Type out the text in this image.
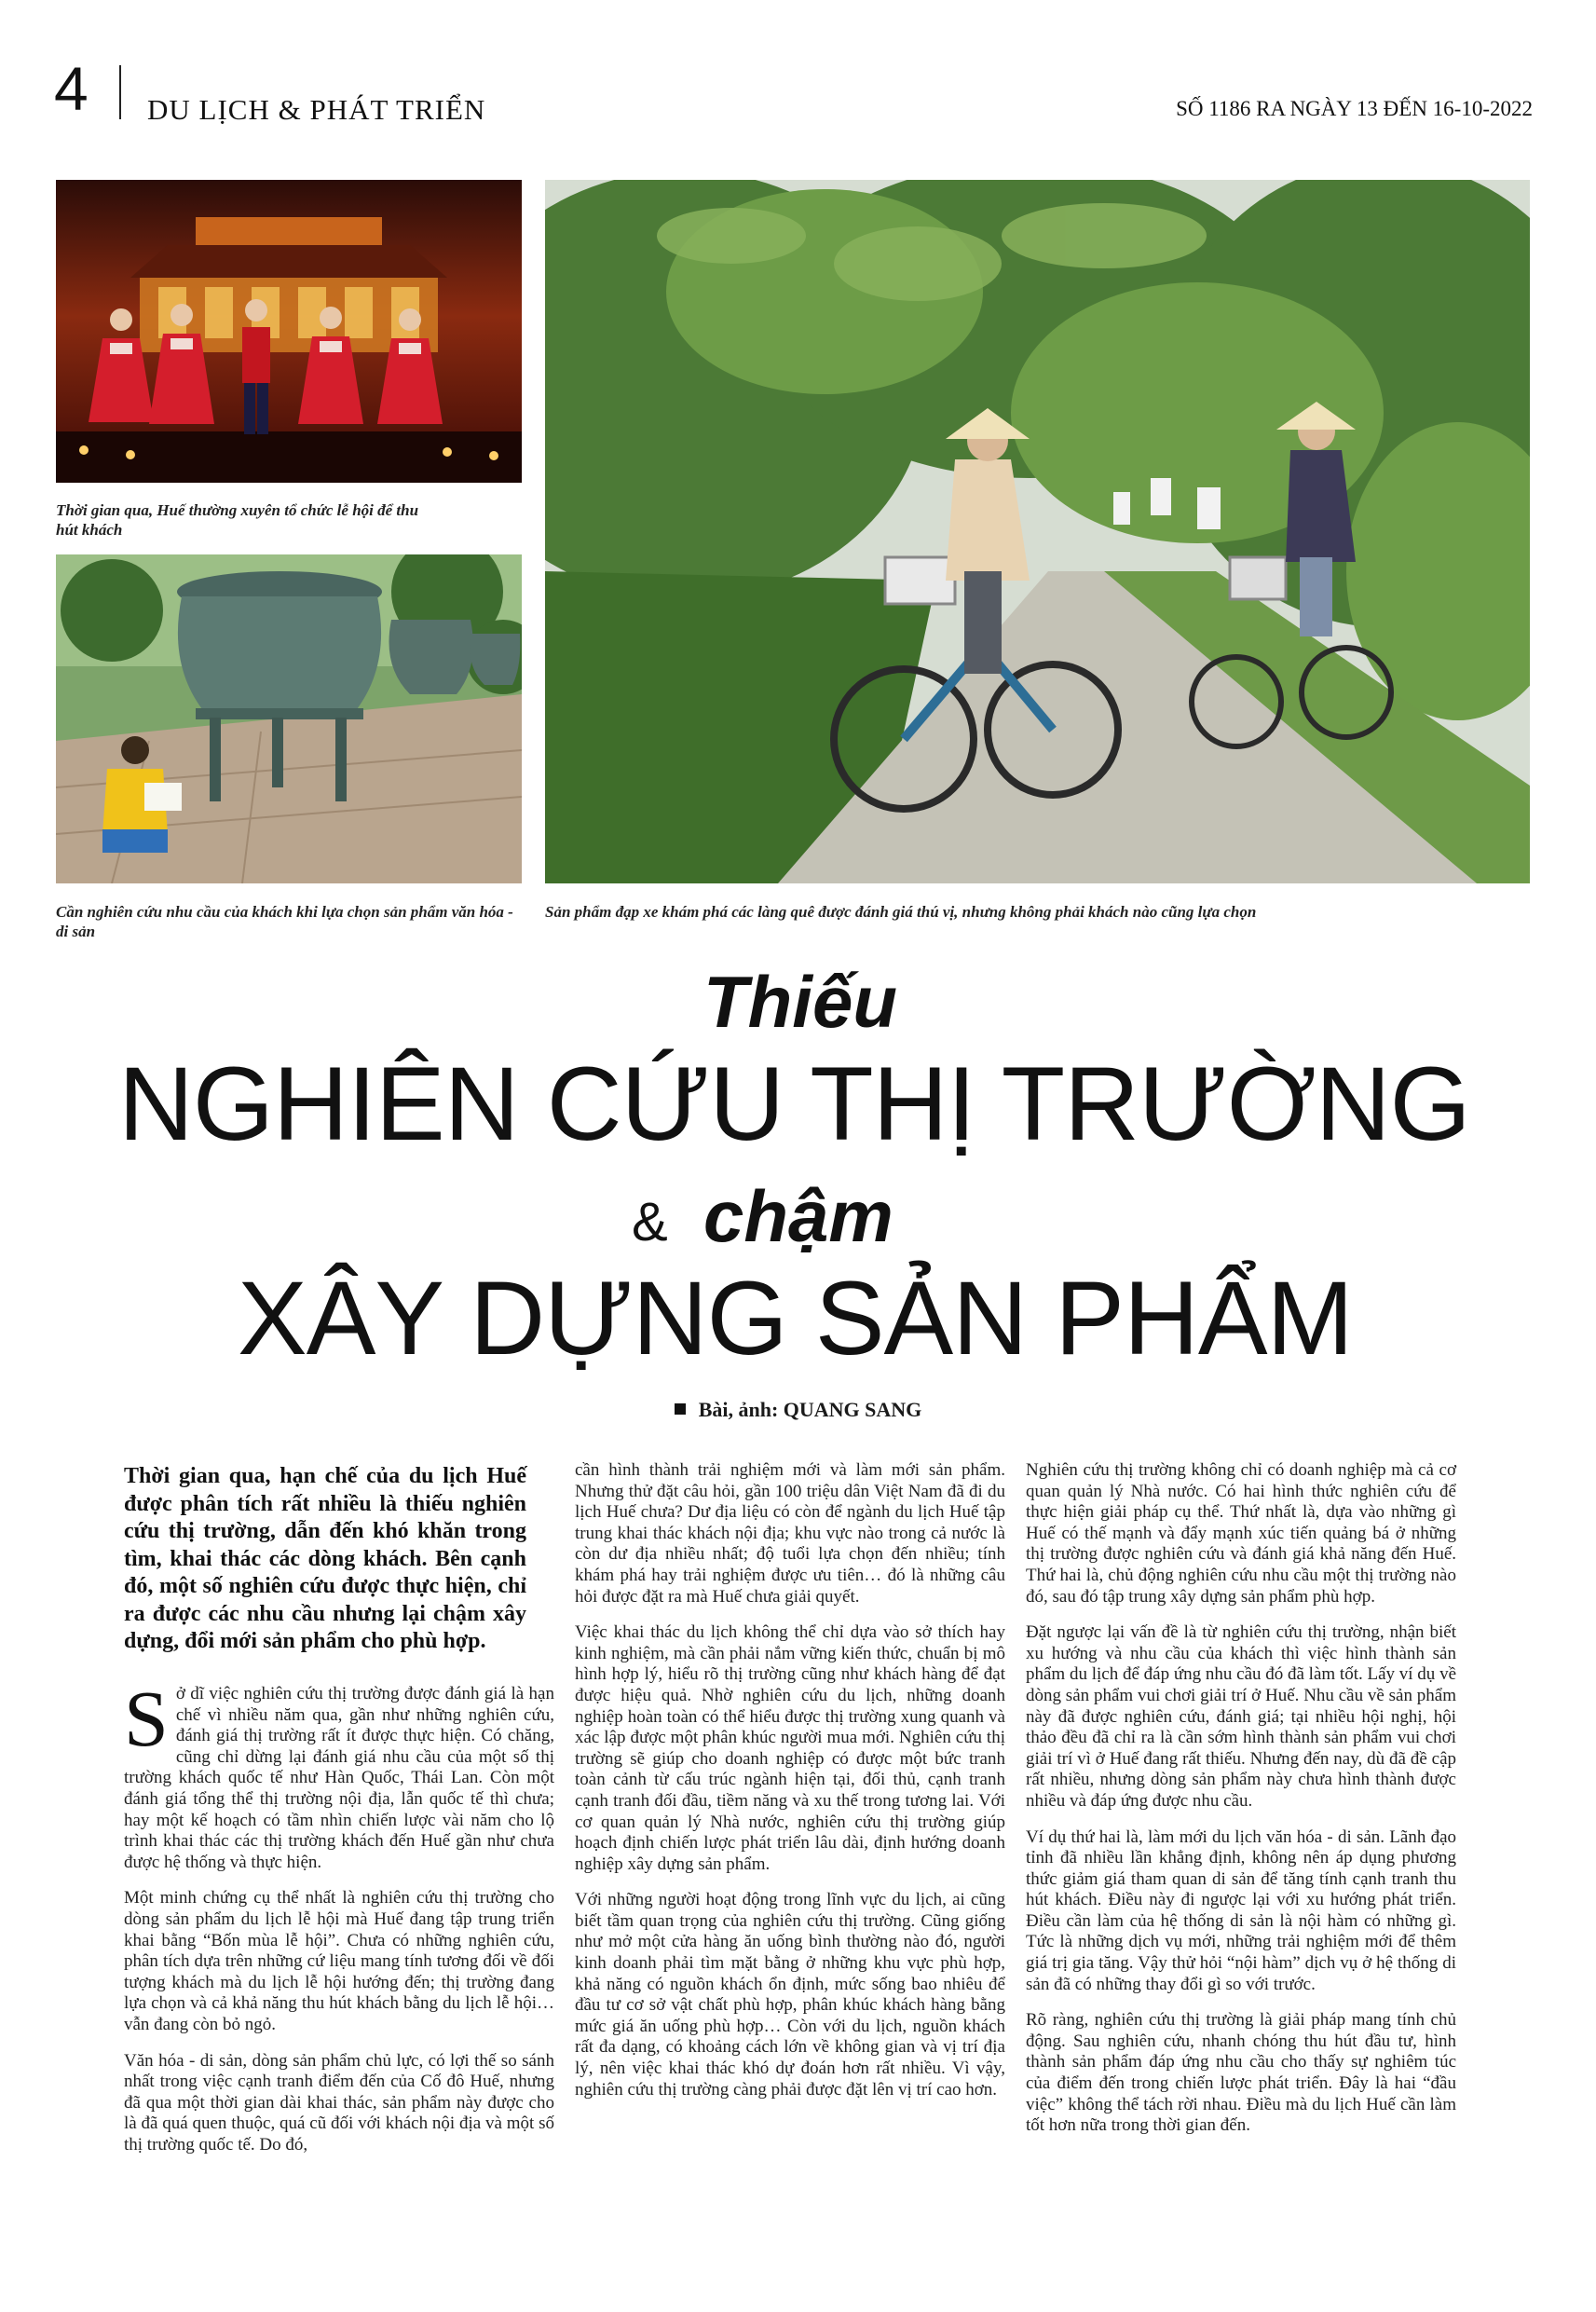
4 DU LỊCH & PHÁT TRIỂN	SỐ 1186 RA NGÀY 13 ĐẾN 16-10-2022
Thời gian qua, Huế thường xuyên tổ chức lễ hội để thu hút khách
Cần nghiên cứu nhu cầu của khách khi lựa chọn sản phẩm văn hóa - di sản
Sản phẩm đạp xe khám phá các làng quê được đánh giá thú vị, nhưng không phải khách nào cũng lựa chọn
Thiếu
NGHIÊN CỨU THỊ TRƯỜNG
& chậm
XÂY DỰNG SẢN PHẨM
Bài, ảnh: QUANG SANG
Thời gian qua, hạn chế của du lịch Huế được phân tích rất nhiều là thiếu nghiên cứu thị trường, dẫn đến khó khăn trong tìm, khai thác các dòng khách. Bên cạnh đó, một số nghiên cứu được thực hiện, chỉ ra được các nhu cầu nhưng lại chậm xây dựng, đổi mới sản phẩm cho phù hợp.

Sở dĩ việc nghiên cứu thị trường được đánh giá là hạn chế vì nhiều năm qua, gần như những nghiên cứu, đánh giá thị trường rất ít được thực hiện. Có chăng, cũng chỉ dừng lại đánh giá nhu cầu của một số thị trường khách quốc tế như Hàn Quốc, Thái Lan. Còn một đánh giá tổng thể thị trường nội địa, lẫn quốc tế thì chưa; hay một kế hoạch có tầm nhìn chiến lược vài năm cho lộ trình khai thác các thị trường khách đến Huế gần như chưa được hệ thống và thực hiện.

Một minh chứng cụ thể nhất là nghiên cứu thị trường cho dòng sản phẩm du lịch lễ hội mà Huế đang tập trung triển khai bằng “Bốn mùa lễ hội”. Chưa có những nghiên cứu, phân tích dựa trên những cứ liệu mang tính tương đối về đối tượng khách mà du lịch lễ hội hướng đến; thị trường đang lựa chọn và cả khả năng thu hút khách bằng du lịch lễ hội… vẫn đang còn bỏ ngỏ.

Văn hóa - di sản, dòng sản phẩm chủ lực, có lợi thế so sánh nhất trong việc cạnh tranh điểm đến của Cố đô Huế, nhưng đã qua một thời gian dài khai thác, sản phẩm này được cho là đã quá quen thuộc, quá cũ đối với khách nội địa và một số thị trường quốc tế. Do đó,

cần hình thành trải nghiệm mới và làm mới sản phẩm. Nhưng thử đặt câu hỏi, gần 100 triệu dân Việt Nam đã đi du lịch Huế chưa? Dư địa liệu có còn để ngành du lịch Huế tập trung khai thác khách nội địa; khu vực nào trong cả nước là còn dư địa nhiều nhất; độ tuổi lựa chọn đến nhiều; tính khám phá hay trải nghiệm được ưu tiên… đó là những câu hỏi được đặt ra mà Huế chưa giải quyết.

Việc khai thác du lịch không thể chỉ dựa vào sở thích hay kinh nghiệm, mà cần phải nắm vững kiến thức, chuẩn bị mô hình hợp lý, hiểu rõ thị trường cũng như khách hàng để đạt được hiệu quả. Nhờ nghiên cứu du lịch, những doanh nghiệp hoàn toàn có thể hiểu được thị trường xung quanh và xác lập được một phân khúc người mua mới. Nghiên cứu thị trường sẽ giúp cho doanh nghiệp có được một bức tranh toàn cảnh từ cấu trúc ngành hiện tại, đối thủ, cạnh tranh cạnh tranh đối đầu, tiềm năng và xu thế trong tương lai. Với cơ quan quản lý Nhà nước, nghiên cứu thị trường giúp hoạch định chiến lược phát triển lâu dài, định hướng doanh nghiệp xây dựng sản phẩm.

Với những người hoạt động trong lĩnh vực du lịch, ai cũng biết tầm quan trọng của nghiên cứu thị trường. Cũng giống như mở một cửa hàng ăn uống bình thường nào đó, người kinh doanh phải tìm mặt bằng ở những khu vực phù hợp, khả năng có nguồn khách ổn định, mức sống bao nhiêu để đầu tư cơ sở vật chất phù hợp, phân khúc khách hàng bằng mức giá ăn uống phù hợp… Còn với du lịch, nguồn khách rất đa dạng, có khoảng cách lớn về không gian và vị trí địa lý, nên việc khai thác khó dự đoán hơn rất nhiều. Vì vậy, nghiên cứu thị trường càng phải được đặt lên vị trí cao hơn.

Nghiên cứu thị trường không chỉ có doanh nghiệp mà cả cơ quan quản lý Nhà nước. Có hai hình thức nghiên cứu để thực hiện giải pháp cụ thể. Thứ nhất là, dựa vào những gì Huế có thế mạnh và đẩy mạnh xúc tiến quảng bá ở những thị trường được nghiên cứu và đánh giá khả năng đến Huế. Thứ hai là, chủ động nghiên cứu nhu cầu một thị trường nào đó, sau đó tập trung xây dựng sản phẩm phù hợp.

Đặt ngược lại vấn đề là từ nghiên cứu thị trường, nhận biết xu hướng và nhu cầu của khách thì việc hình thành sản phẩm du lịch để đáp ứng nhu cầu đó đã làm tốt. Lấy ví dụ về dòng sản phẩm vui chơi giải trí ở Huế. Nhu cầu về sản phẩm này đã được nghiên cứu, đánh giá; tại nhiều hội nghị, hội thảo đều đã chỉ ra là cần sớm hình thành sản phẩm vui chơi giải trí vì ở Huế đang rất thiếu. Nhưng đến nay, dù đã đề cập rất nhiều, nhưng dòng sản phẩm này chưa hình thành được nhiều và đáp ứng được nhu cầu.

Ví dụ thứ hai là, làm mới du lịch văn hóa - di sản. Lãnh đạo tỉnh đã nhiều lần khẳng định, không nên áp dụng phương thức giảm giá tham quan di sản để tăng tính cạnh tranh thu hút khách. Điều này đi ngược lại với xu hướng phát triển. Điều cần làm của hệ thống di sản là nội hàm có những gì. Tức là những dịch vụ mới, những trải nghiệm mới để thêm giá trị gia tăng. Vậy thử hỏi “nội hàm” dịch vụ ở hệ thống di sản đã có những thay đổi gì so với trước.

Rõ ràng, nghiên cứu thị trường là giải pháp mang tính chủ động. Sau nghiên cứu, nhanh chóng thu hút đầu tư, hình thành sản phẩm đáp ứng nhu cầu cho thấy sự nghiêm túc của điểm đến trong chiến lược phát triển. Đây là hai “đầu việc” không thể tách rời nhau. Điều mà du lịch Huế cần làm tốt hơn nữa trong thời gian đến.
